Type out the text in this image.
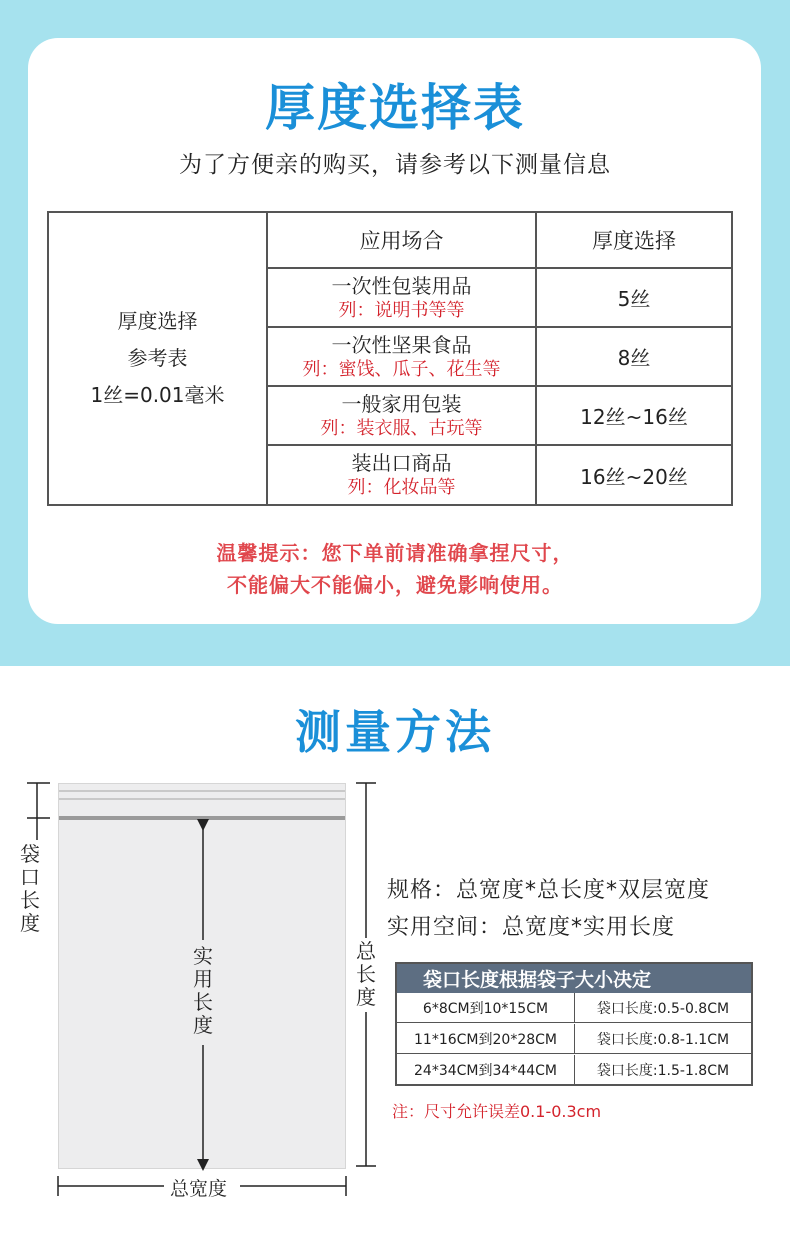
厚度选择表
为了方便亲的购买，请参考以下测量信息
厚度选择
参考表
1丝=0.01毫米
应用场合	厚度选择
一次性包装用品
列：说明书等等	5丝
一次性坚果食品
列：蜜饯、瓜子、花生等	8丝
一般家用包装
列：装衣服、古玩等	12丝~16丝
装出口商品
列：化妆品等	16丝~20丝
温馨提示：您下单前请准确拿捏尺寸，
不能偏大不能偏小，避免影响使用。
测量方法
袋口长度
实用长度
总长度
总宽度
规格：总宽度*总长度*双层宽度
实用空间：总宽度*实用长度
袋口长度根据袋子大小决定
6*8CM到10*15CM	袋口长度:0.5-0.8CM
11*16CM到20*28CM	袋口长度:0.8-1.1CM
24*34CM到34*44CM	袋口长度:1.5-1.8CM
注：尺寸允许误差0.1-0.3cm
